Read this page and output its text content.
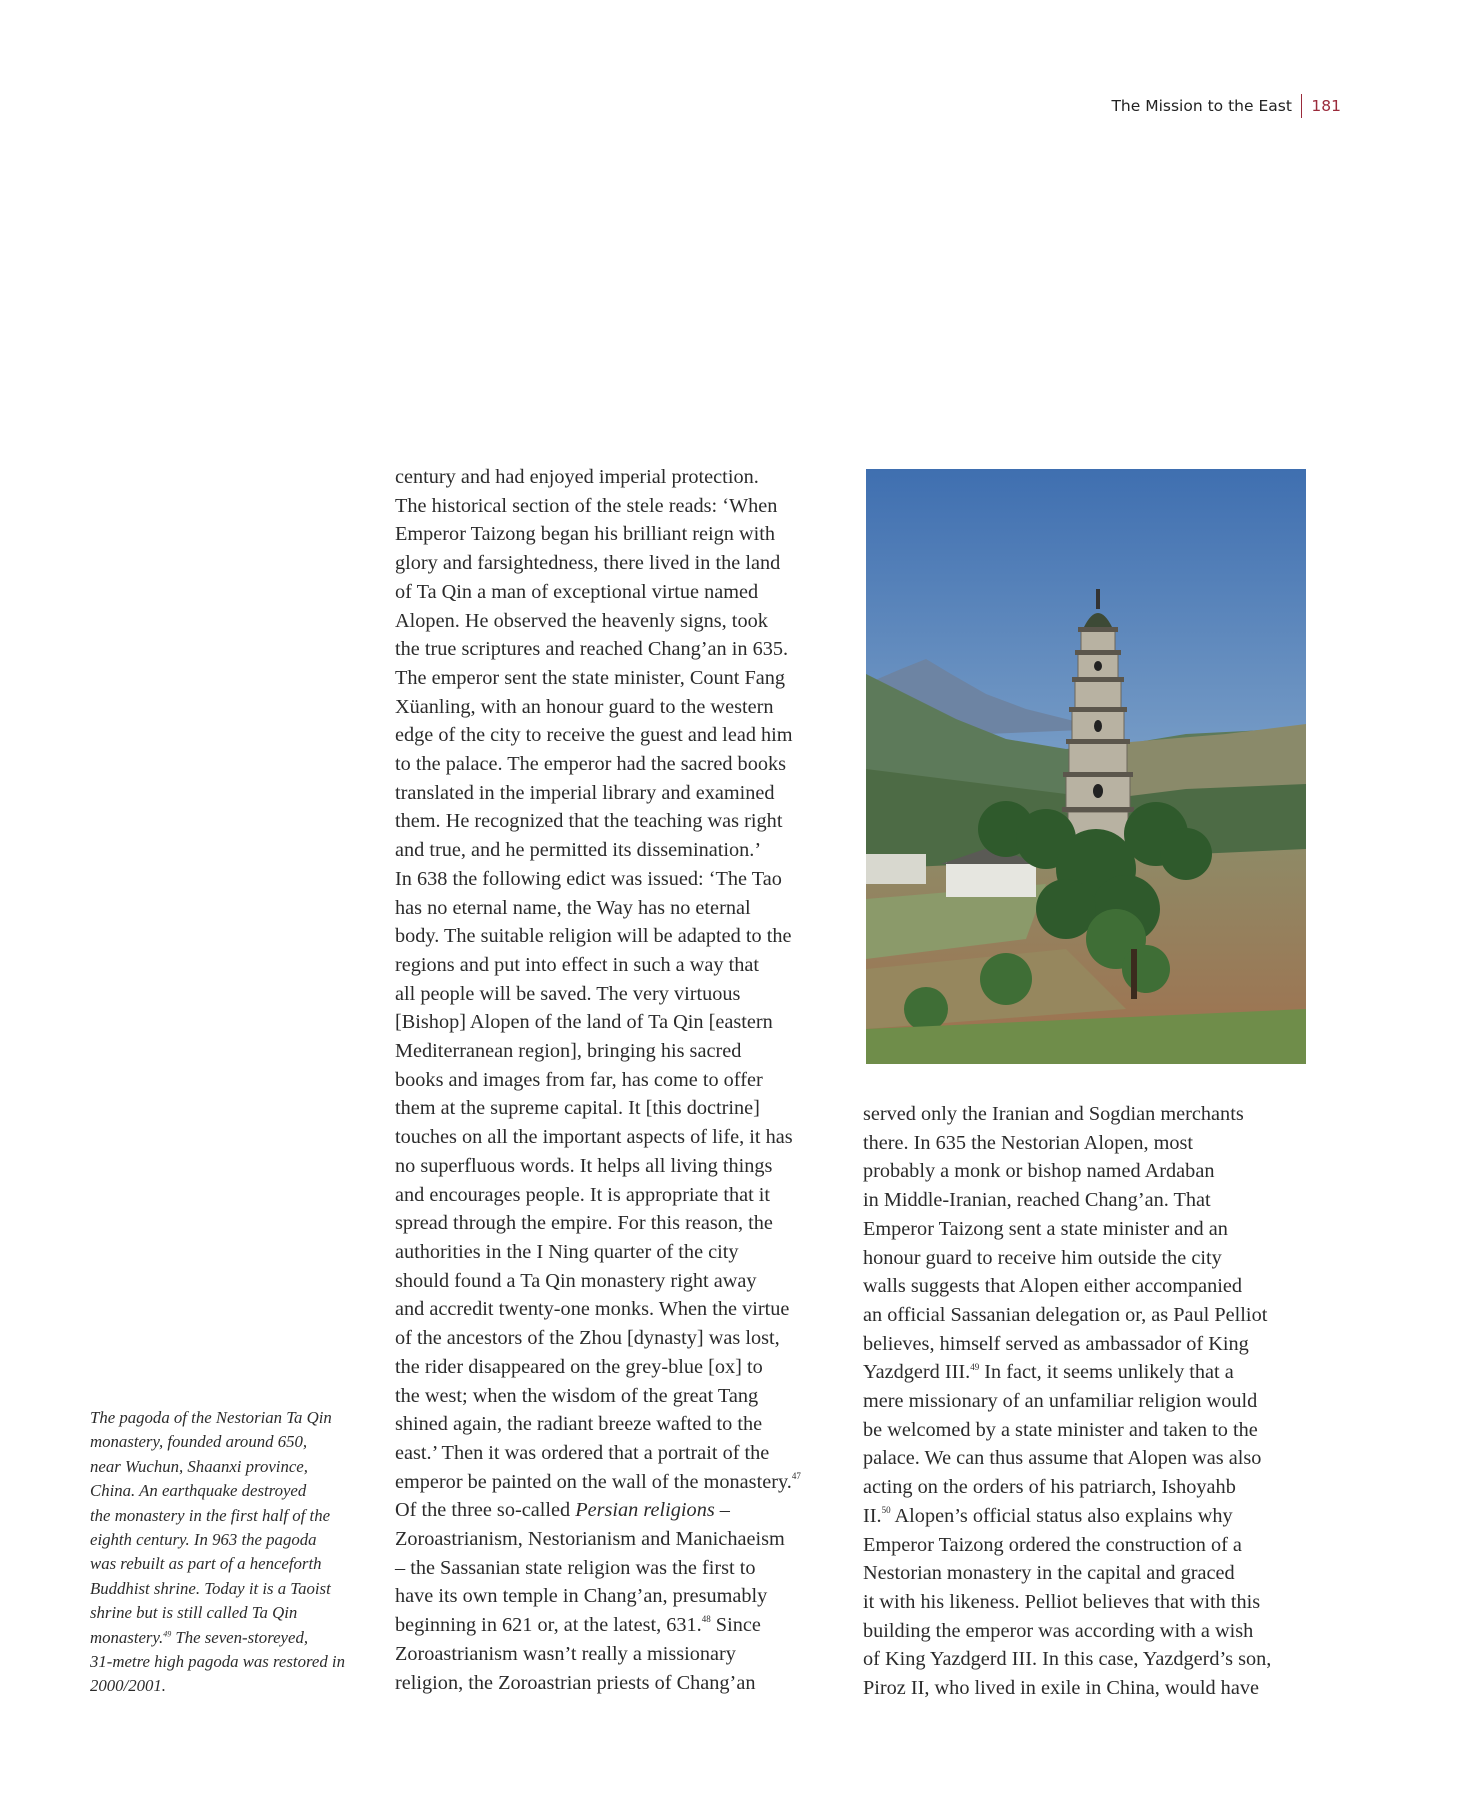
The Mission to the East 181

century and had enjoyed imperial protection.

The historical section of the stele reads: ‘When

Emperor Taizong began his brilliant reign with

glory and farsightedness, there lived in the land

of Ta Qin a man of exceptional virtue named

Alopen. He observed the heavenly signs, took

the true scriptures and reached Chang’an in 635.

The emperor sent the state minister, Count Fang

Xüanling, with an honour guard to the western

edge of the city to receive the guest and lead him

to the palace. The emperor had the sacred books

translated in the imperial library and examined

them. He recognized that the teaching was right

and true, and he permitted its dissemination.’

In 638 the following edict was issued: ‘The Tao

has no eternal name, the Way has no eternal

body. The suitable religion will be adapted to the

regions and put into effect in such a way that

all people will be saved. The very virtuous

[Bishop] Alopen of the land of Ta Qin [eastern

Mediterranean region], bringing his sacred

books and images from far, has come to offer

them at the supreme capital. It [this doctrine]

touches on all the important aspects of life, it has

no superfluous words. It helps all living things

and encourages people. It is appropriate that it

spread through the empire. For this reason, the

authorities in the I Ning quarter of the city

should found a Ta Qin monastery right away

and accredit twenty-one monks. When the virtue

of the ancestors of the Zhou [dynasty] was lost,

the rider disappeared on the grey-blue [ox] to

the west; when the wisdom of the great Tang

shined again, the radiant breeze wafted to the

east.’ Then it was ordered that a portrait of the

emperor be painted on the wall of the monastery.$^{47}$

Of the three so-called Persian religions –

Zoroastrianism, Nestorianism and Manichaeism

– the Sassanian state religion was the first to

have its own temple in Chang’an, presumably

beginning in 621 or, at the latest, 631.48 Since

Zoroastrianism wasn’t really a missionary

religion, the Zoroastrian priests of Chang’an

served only the Iranian and Sogdian merchants

there. In 635 the Nestorian Alopen, most

probably a monk or bishop named Ardaban

in Middle-Iranian, reached Chang’an. That

Emperor Taizong sent a state minister and an

honour guard to receive him outside the city

walls suggests that Alopen either accompanied

an official Sassanian delegation or, as Paul Pelliot

believes, himself served as ambassador of King

Yazdgerd III.$^{49}$ In fact, it seems unlikely that a

mere missionary of an unfamiliar religion would

be welcomed by a state minister and taken to the

palace. We can thus assume that Alopen was also

acting on the orders of his patriarch, Ishoyahb

II.$^{50}$ Alopen’s official status also explains why

Emperor Taizong ordered the construction of a

Nestorian monastery in the capital and graced

it with his likeness. Pelliot believes that with this

building the emperor was according with a wish

of King Yazdgerd III. In this case, Yazdgerd’s son,

Piroz II, who lived in exile in China, would have

The pagoda of the Nestorian Ta Qin
monastery, founded around 650,
near Wuchun, Shaanxi province,
China. An earthquake destroyed
the monastery in the first half of the
eighth century. In 963 the pagoda
was rebuilt as part of a henceforth
Buddhist shrine. Today it is a Taoist
shrine but is still called Ta Qin
monastery.$^{49}$ The seven-storeyed,
31-metre high pagoda was restored in
2000/2001.
